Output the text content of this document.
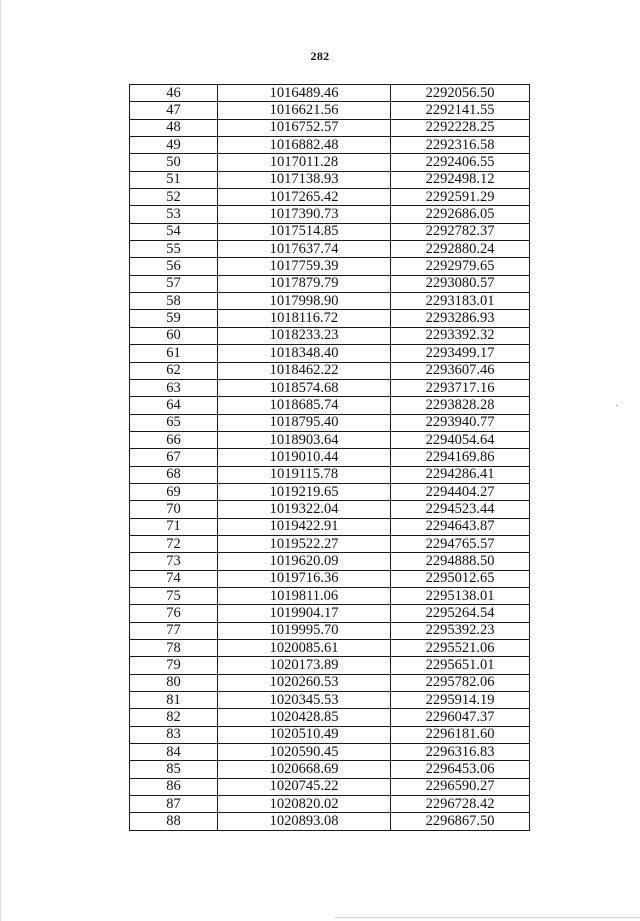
282
46	1016489.46	2292056.50
47	1016621.56	2292141.55
48	1016752.57	2292228.25
49	1016882.48	2292316.58
50	1017011.28	2292406.55
51	1017138.93	2292498.12
52	1017265.42	2292591.29
53	1017390.73	2292686.05
54	1017514.85	2292782.37
55	1017637.74	2292880.24
56	1017759.39	2292979.65
57	1017879.79	2293080.57
58	1017998.90	2293183.01
59	1018116.72	2293286.93
60	1018233.23	2293392.32
61	1018348.40	2293499.17
62	1018462.22	2293607.46
63	1018574.68	2293717.16
64	1018685.74	2293828.28
65	1018795.40	2293940.77
66	1018903.64	2294054.64
67	1019010.44	2294169.86
68	1019115.78	2294286.41
69	1019219.65	2294404.27
70	1019322.04	2294523.44
71	1019422.91	2294643.87
72	1019522.27	2294765.57
73	1019620.09	2294888.50
74	1019716.36	2295012.65
75	1019811.06	2295138.01
76	1019904.17	2295264.54
77	1019995.70	2295392.23
78	1020085.61	2295521.06
79	1020173.89	2295651.01
80	1020260.53	2295782.06
81	1020345.53	2295914.19
82	1020428.85	2296047.37
83	1020510.49	2296181.60
84	1020590.45	2296316.83
85	1020668.69	2296453.06
86	1020745.22	2296590.27
87	1020820.02	2296728.42
88	1020893.08	2296867.50
